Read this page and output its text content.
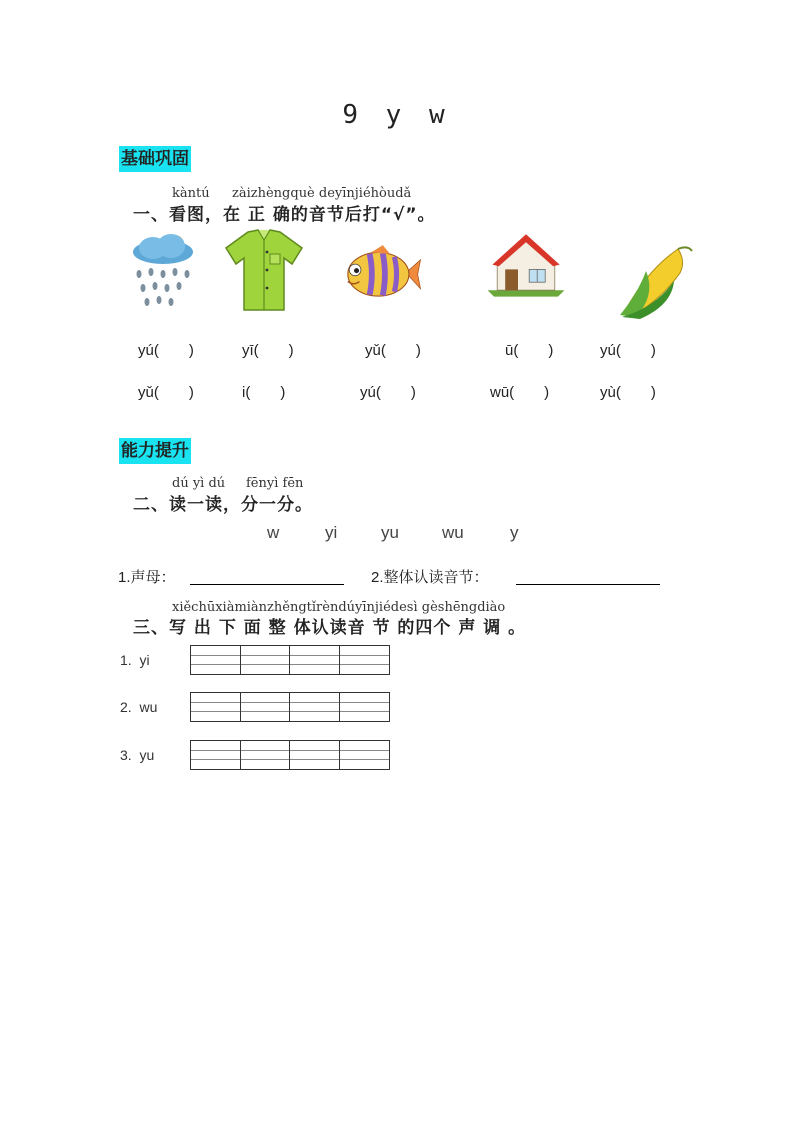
9 y w
基础巩固
kàntú zàizhèngquè deyīnjiéhòudǎ
一、看图，在 正 确的音节后打“√”。
yú(　　)	yī(　　)	yǔ(　　)	ū(　　)	yú(　　)
yǔ(　　)	i(　　)	yú(　　)	wū(　　)	yù(　　)
能力提升
dú yì dú fēnyì fēn
二、读一读，分一分。
w	yi	yu	wu	y
1.声母：	2.整体认读音节：
xiěchūxiàmiànzhěngtǐrèndúyīnjiédesì gèshēngdiào
三、写 出 下 面 整 体认读音 节 的四个 声 调 。
1. yi
2. wu
3. yu
